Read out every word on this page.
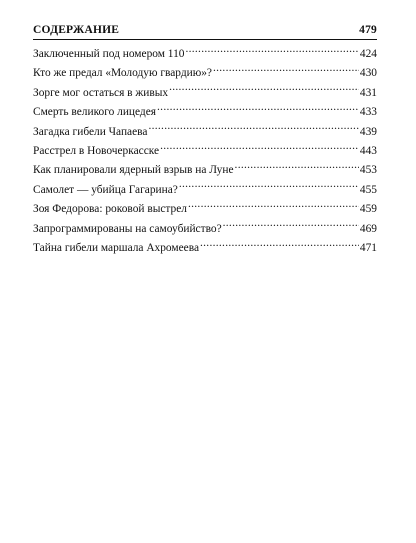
СОДЕРЖАНИЕ	479
Заключенный под номером 110 .....	424
Кто же предал «Молодую гвардию»? .....	430
Зорге мог остаться в живых .....	431
Смерть великого лицедея .....	433
Загадка гибели Чапаева .....	439
Расстрел в Новочеркасске .....	443
Как планировали ядерный взрыв на Луне .....	453
Самолет — убийца Гагарина? .....	455
Зоя Федорова: роковой выстрел .....	459
Запрограммированы на самоубийство? .....	469
Тайна гибели маршала Ахромеева .....	471
